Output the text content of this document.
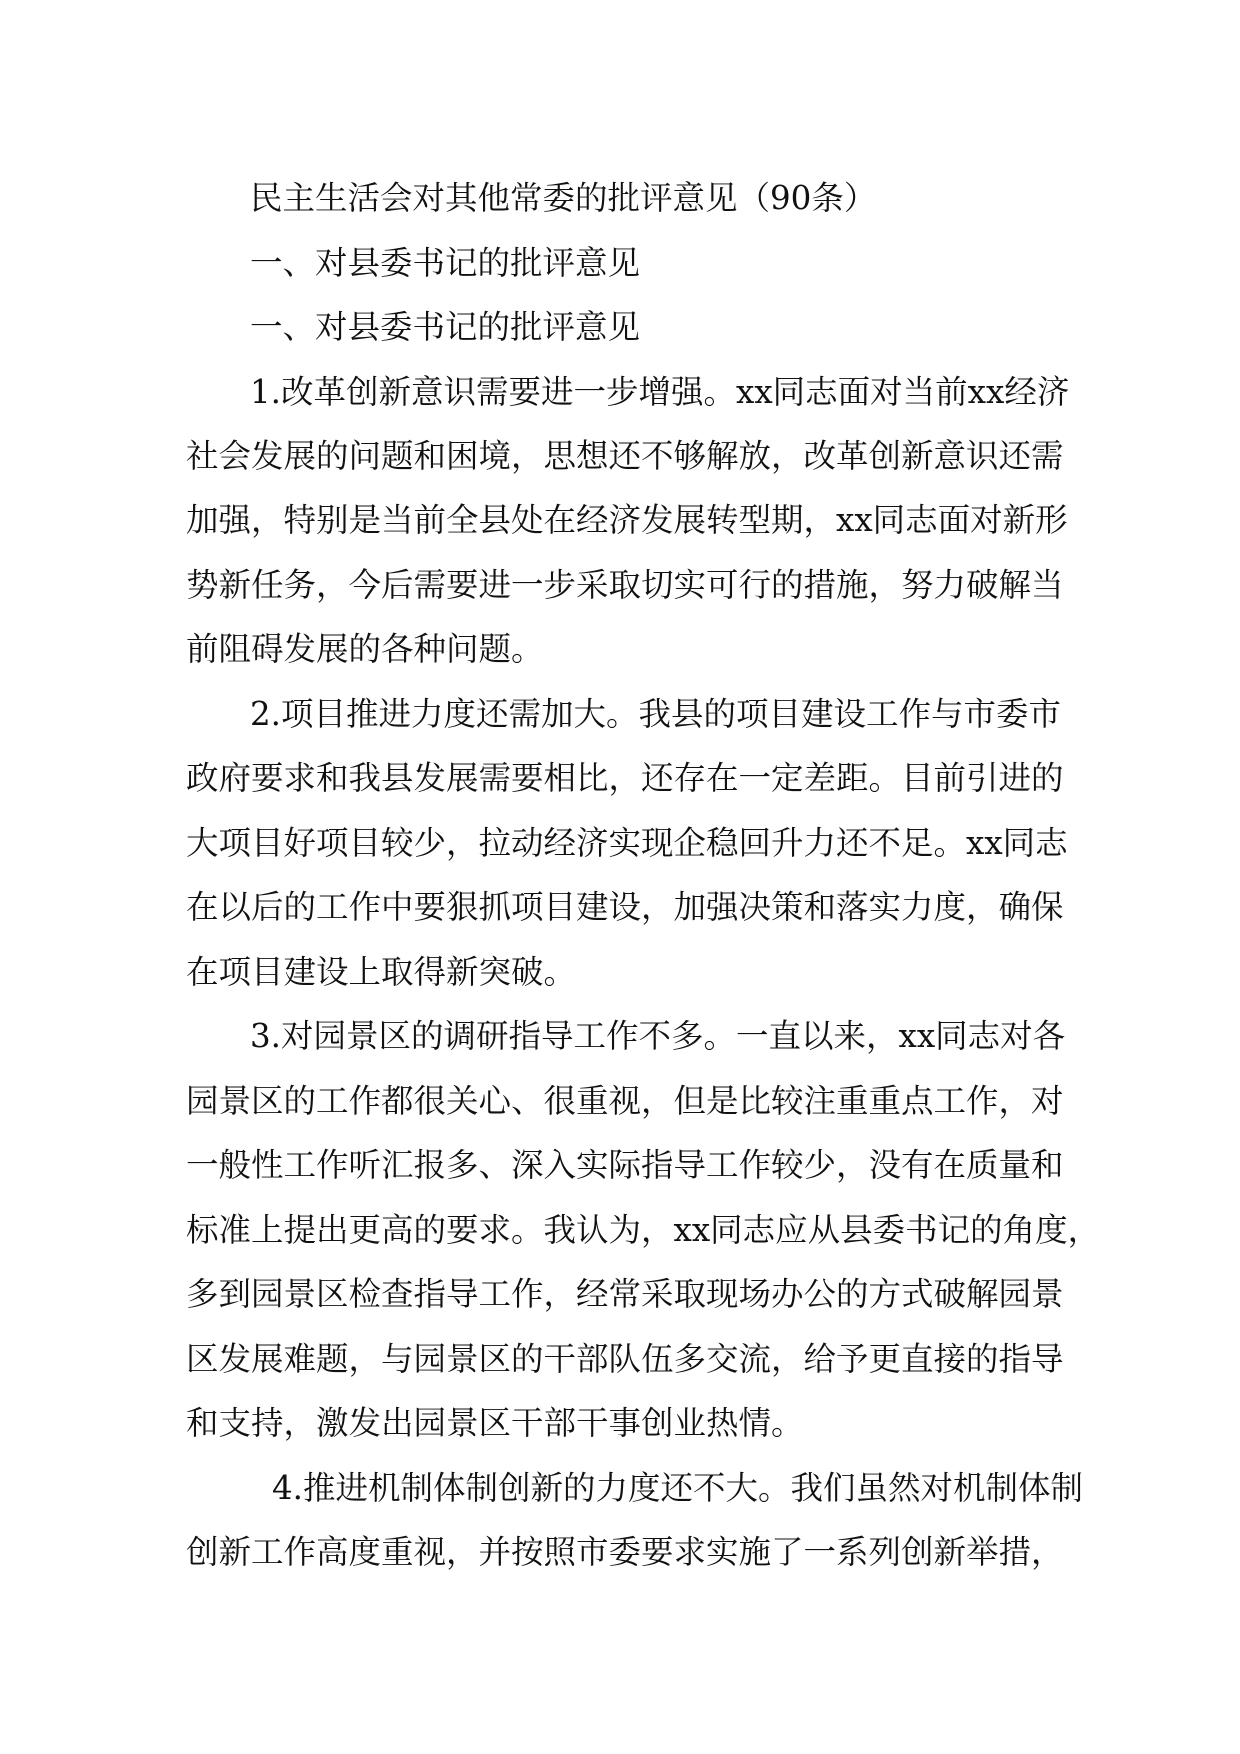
民主生活会对其他常委的批评意见（90条）
一、对县委书记的批评意见
一、对县委书记的批评意见
1.改革创新意识需要进一步增强。xx同志面对当前xx经济
社会发展的问题和困境，思想还不够解放，改革创新意识还需
加强，特别是当前全县处在经济发展转型期，xx同志面对新形
势新任务，今后需要进一步采取切实可行的措施，努力破解当
前阻碍发展的各种问题。
2.项目推进力度还需加大。我县的项目建设工作与市委市
政府要求和我县发展需要相比，还存在一定差距。目前引进的
大项目好项目较少，拉动经济实现企稳回升力还不足。xx同志
在以后的工作中要狠抓项目建设，加强决策和落实力度，确保
在项目建设上取得新突破。
3.对园景区的调研指导工作不多。一直以来，xx同志对各
园景区的工作都很关心、很重视，但是比较注重重点工作，对
一般性工作听汇报多、深入实际指导工作较少，没有在质量和
标准上提出更高的要求。我认为，xx同志应从县委书记的角度，
多到园景区检查指导工作，经常采取现场办公的方式破解园景
区发展难题，与园景区的干部队伍多交流，给予更直接的指导
和支持，激发出园景区干部干事创业热情。
4.推进机制体制创新的力度还不大。我们虽然对机制体制
创新工作高度重视，并按照市委要求实施了一系列创新举措，
